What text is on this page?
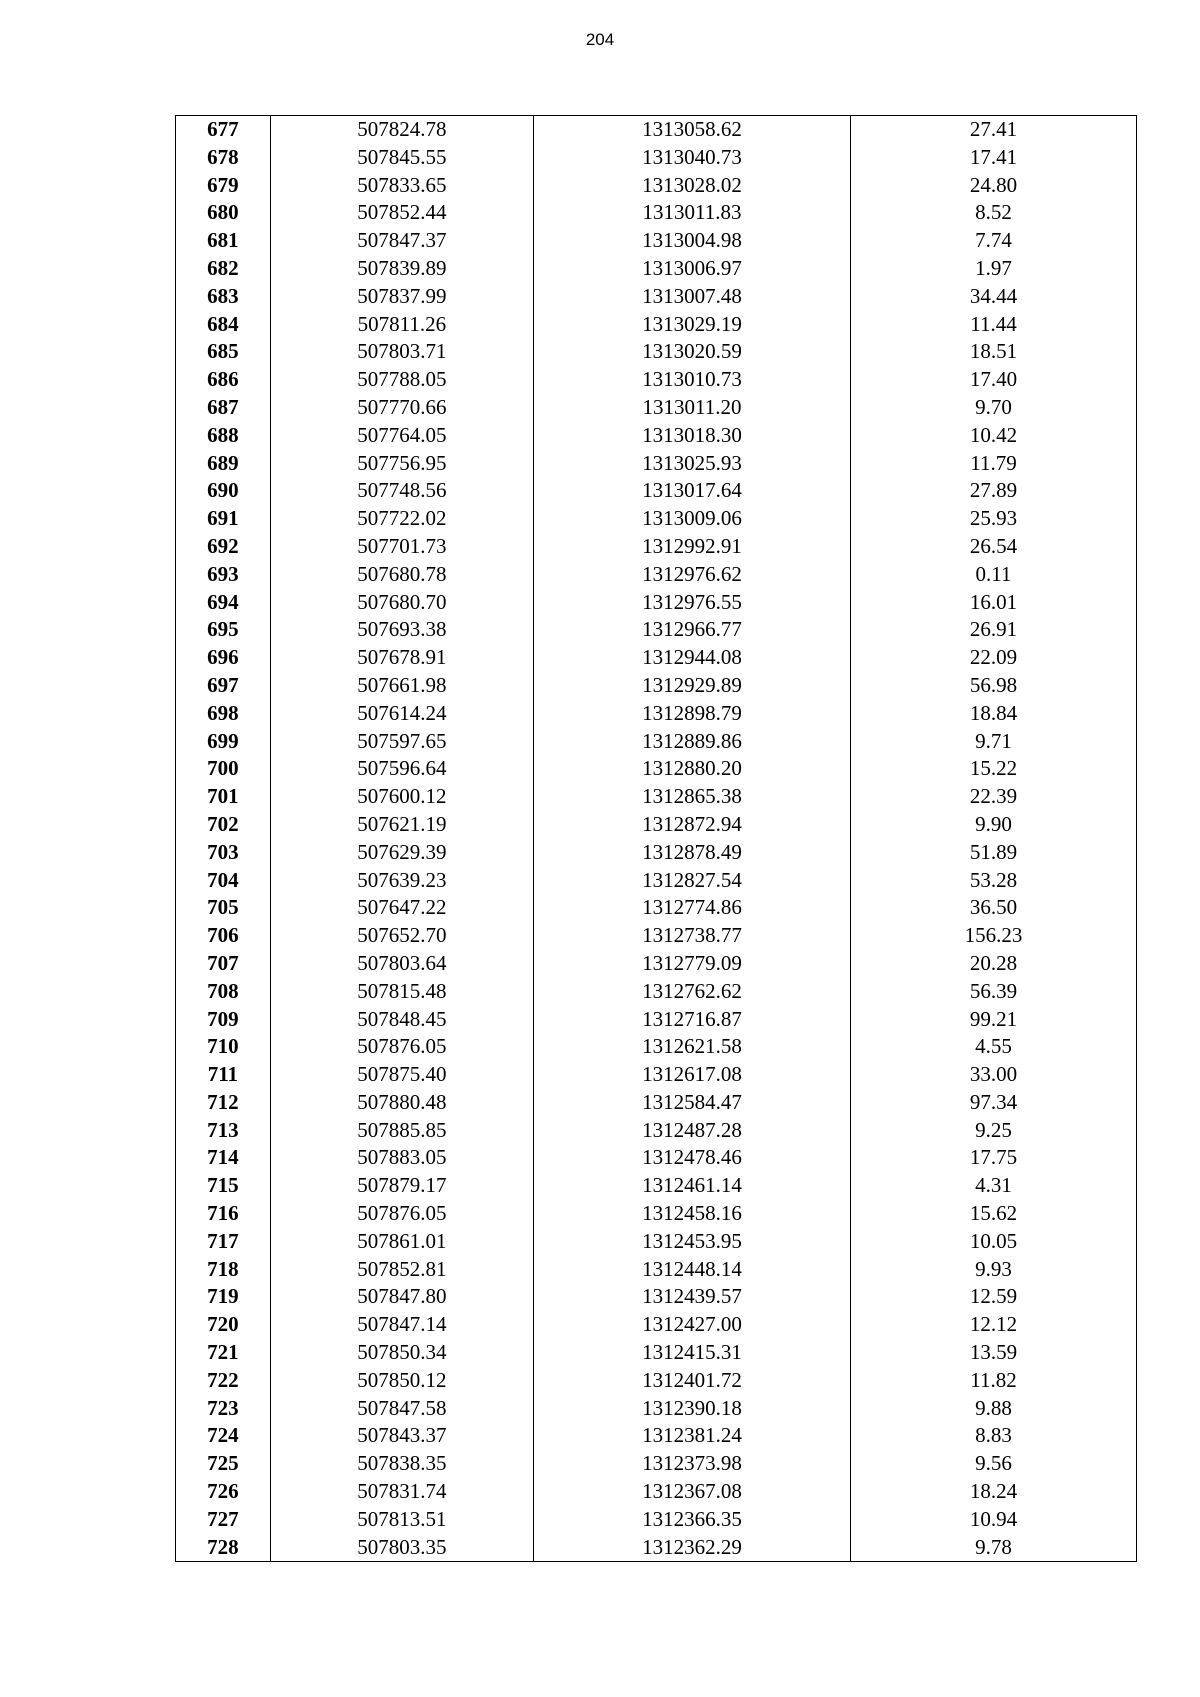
204
677	507824.78	1313058.62	27.41
678	507845.55	1313040.73	17.41
679	507833.65	1313028.02	24.80
680	507852.44	1313011.83	8.52
681	507847.37	1313004.98	7.74
682	507839.89	1313006.97	1.97
683	507837.99	1313007.48	34.44
684	507811.26	1313029.19	11.44
685	507803.71	1313020.59	18.51
686	507788.05	1313010.73	17.40
687	507770.66	1313011.20	9.70
688	507764.05	1313018.30	10.42
689	507756.95	1313025.93	11.79
690	507748.56	1313017.64	27.89
691	507722.02	1313009.06	25.93
692	507701.73	1312992.91	26.54
693	507680.78	1312976.62	0.11
694	507680.70	1312976.55	16.01
695	507693.38	1312966.77	26.91
696	507678.91	1312944.08	22.09
697	507661.98	1312929.89	56.98
698	507614.24	1312898.79	18.84
699	507597.65	1312889.86	9.71
700	507596.64	1312880.20	15.22
701	507600.12	1312865.38	22.39
702	507621.19	1312872.94	9.90
703	507629.39	1312878.49	51.89
704	507639.23	1312827.54	53.28
705	507647.22	1312774.86	36.50
706	507652.70	1312738.77	156.23
707	507803.64	1312779.09	20.28
708	507815.48	1312762.62	56.39
709	507848.45	1312716.87	99.21
710	507876.05	1312621.58	4.55
711	507875.40	1312617.08	33.00
712	507880.48	1312584.47	97.34
713	507885.85	1312487.28	9.25
714	507883.05	1312478.46	17.75
715	507879.17	1312461.14	4.31
716	507876.05	1312458.16	15.62
717	507861.01	1312453.95	10.05
718	507852.81	1312448.14	9.93
719	507847.80	1312439.57	12.59
720	507847.14	1312427.00	12.12
721	507850.34	1312415.31	13.59
722	507850.12	1312401.72	11.82
723	507847.58	1312390.18	9.88
724	507843.37	1312381.24	8.83
725	507838.35	1312373.98	9.56
726	507831.74	1312367.08	18.24
727	507813.51	1312366.35	10.94
728	507803.35	1312362.29	9.78
